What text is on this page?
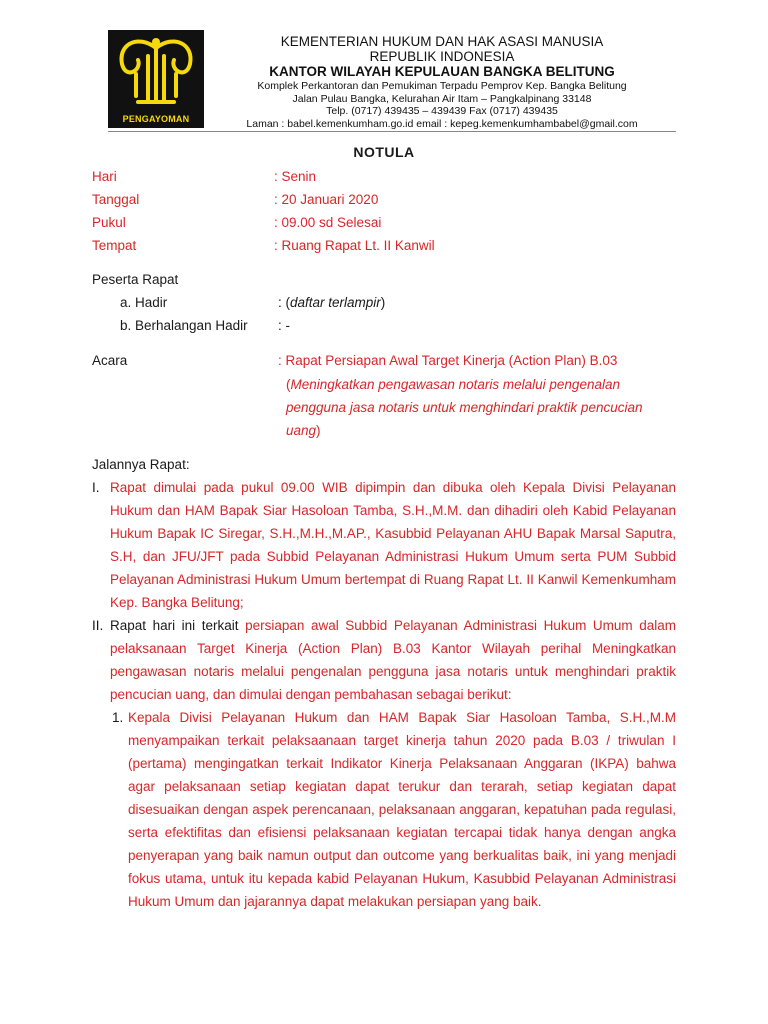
PENGAYOMAN
KEMENTERIAN HUKUM DAN HAK ASASI MANUSIA
REPUBLIK INDONESIA
KANTOR WILAYAH KEPULAUAN BANGKA BELITUNG
Komplek Perkantoran dan Pemukiman Terpadu Pemprov Kep. Bangka Belitung
Jalan Pulau Bangka, Kelurahan Air Itam – Pangkalpinang 33148
Telp. (0717) 439435 – 439439 Fax (0717) 439435
Laman : babel.kemenkumham.go.id email : kepeg.kemenkumhambabel@gmail.com
NOTULA
Hari	: Senin
Tanggal	: 20 Januari 2020
Pukul	: 09.00 sd Selesai
Tempat	: Ruang Rapat Lt. II Kanwil
Peserta Rapat
a. Hadir	: (daftar terlampir)
b. Berhalangan Hadir : -
Acara	: Rapat Persiapan Awal Target Kinerja (Action Plan) B.03
(Meningkatkan pengawasan notaris melalui pengenalan
pengguna jasa notaris untuk menghindari praktik pencucian
uang)
Jalannya Rapat:
I. Rapat dimulai pada pukul 09.00 WIB dipimpin dan dibuka oleh Kepala Divisi Pelayanan Hukum dan HAM Bapak Siar Hasoloan Tamba, S.H.,M.M. dan dihadiri oleh Kabid Pelayanan Hukum Bapak IC Siregar, S.H.,M.H.,M.AP., Kasubbid Pelayanan AHU Bapak Marsal Saputra, S.H, dan JFU/JFT pada Subbid Pelayanan Administrasi Hukum Umum serta PUM Subbid Pelayanan Administrasi Hukum Umum bertempat di Ruang Rapat Lt. II Kanwil Kemenkumham Kep. Bangka Belitung;
II. Rapat hari ini terkait persiapan awal Subbid Pelayanan Administrasi Hukum Umum dalam pelaksanaan Target Kinerja (Action Plan) B.03 Kantor Wilayah perihal Meningkatkan pengawasan notaris melalui pengenalan pengguna jasa notaris untuk menghindari praktik pencucian uang, dan dimulai dengan pembahasan sebagai berikut:
1. Kepala Divisi Pelayanan Hukum dan HAM Bapak Siar Hasoloan Tamba, S.H.,M.M menyampaikan terkait pelaksaanaan target kinerja tahun 2020 pada B.03 / triwulan I (pertama) mengingatkan terkait Indikator Kinerja Pelaksanaan Anggaran (IKPA) bahwa agar pelaksanaan setiap kegiatan dapat terukur dan terarah, setiap kegiatan dapat disesuaikan dengan aspek perencanaan, pelaksanaan anggaran, kepatuhan pada regulasi, serta efektifitas dan efisiensi pelaksanaan kegiatan tercapai tidak hanya dengan angka penyerapan yang baik namun output dan outcome yang berkualitas baik, ini yang menjadi fokus utama, untuk itu kepada kabid Pelayanan Hukum, Kasubbid Pelayanan Administrasi Hukum Umum dan jajarannya dapat melakukan persiapan yang baik.
